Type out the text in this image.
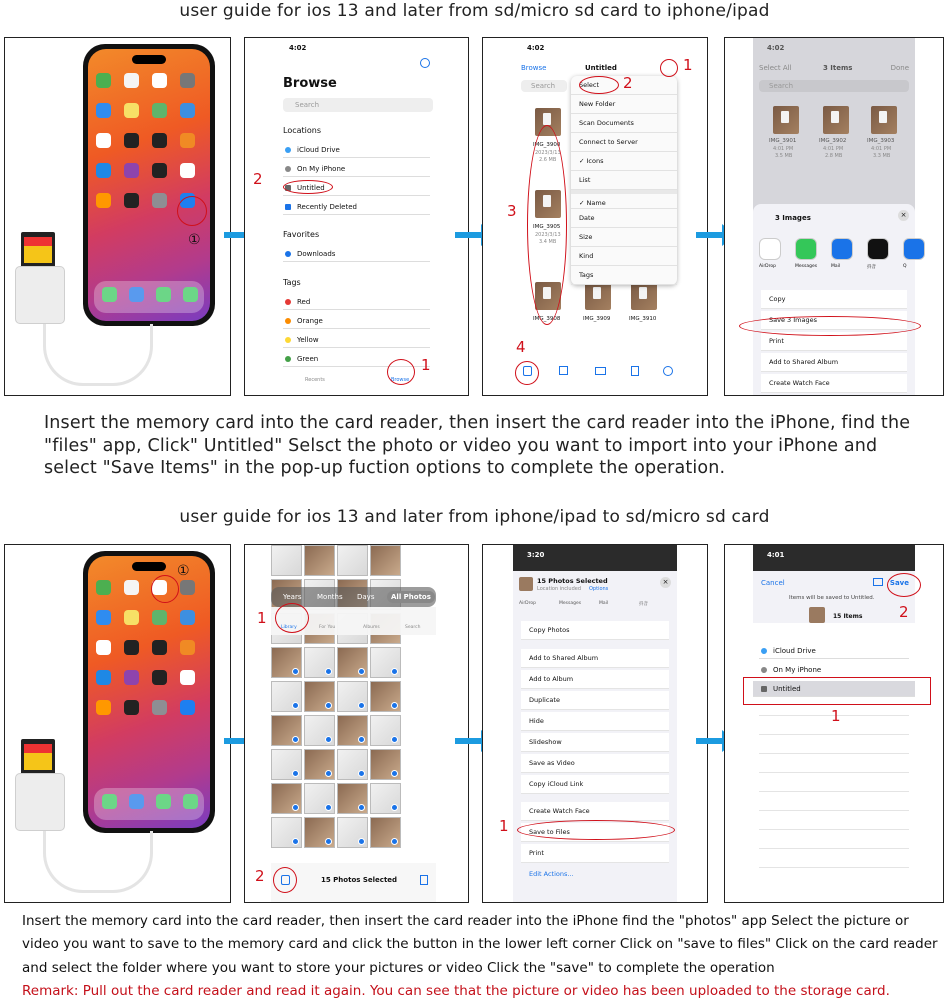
user guide for ios 13 and later from sd/micro sd card to iphone/ipad
①
4:02
Browse
Search
Locations
iCloud Drive
On My iPhone
Untitled
Recently Deleted
Favorites
Downloads
Tags
Red
Orange
Yellow
Green
Recents	Browse
2
1
4:02
Browse	Untitled
Search
IMG_3900
2023/3/13
2.6 MB
IMG_3905
2023/3/13
3.4 MB
IMG_3908	IMG_3909	IMG_3910
Select
New Folder
Scan Documents
Connect to Server
✓ Icons
List
✓ Name
Date
Size
Kind
Tags
1
2
3
4
4:02
Select All	3 Items	Done
Search
IMG_3901
4:01 PM
3.5 MB
IMG_3902
4:01 PM
2.8 MB
IMG_3903
4:01 PM
3.3 MB
3 Images	×
AirDrop	Messages	Mail	抖音	Q
Copy
Save 3 Images
Print
Add to Shared Album
Create Watch Face
Insert the memory card into the card reader, then insert the card reader into the iPhone, find the "files" app, Click" Untitled" Selsct the photo or video you want to import into your iPhone and select "Save Items" in the pop-up fuction options to complete the operation.
user guide for ios 13 and later from iphone/ipad to sd/micro sd card
①
Years Months Days	All Photos
Library	For You	Albums	Search
15 Photos Selected
1
2
3:20
15 Photos Selected
Location included Options
×
AirDrop	Messages	Mail	抖音
Copy Photos
Add to Shared Album
Add to Album
Duplicate
Hide
Slideshow
Save as Video
Copy iCloud Link
Create Watch Face
Save to Files
Print
Edit Actions...
1
4:01
Cancel	Save
Items will be saved to Untitled.
15 Items
iCloud Drive
On My iPhone
Untitled
2
1
Insert the memory card into the card reader, then insert the card reader into the iPhone find the "photos" app Select the picture or video you want to save to the memory card and click the button in the lower left corner Click on "save to files" Click on the card reader and select the folder where you want to store your pictures or video Click the "save" to complete the operation
Remark: Pull out the card reader and read it again. You can see that the picture or video has been uploaded to the storage card.
